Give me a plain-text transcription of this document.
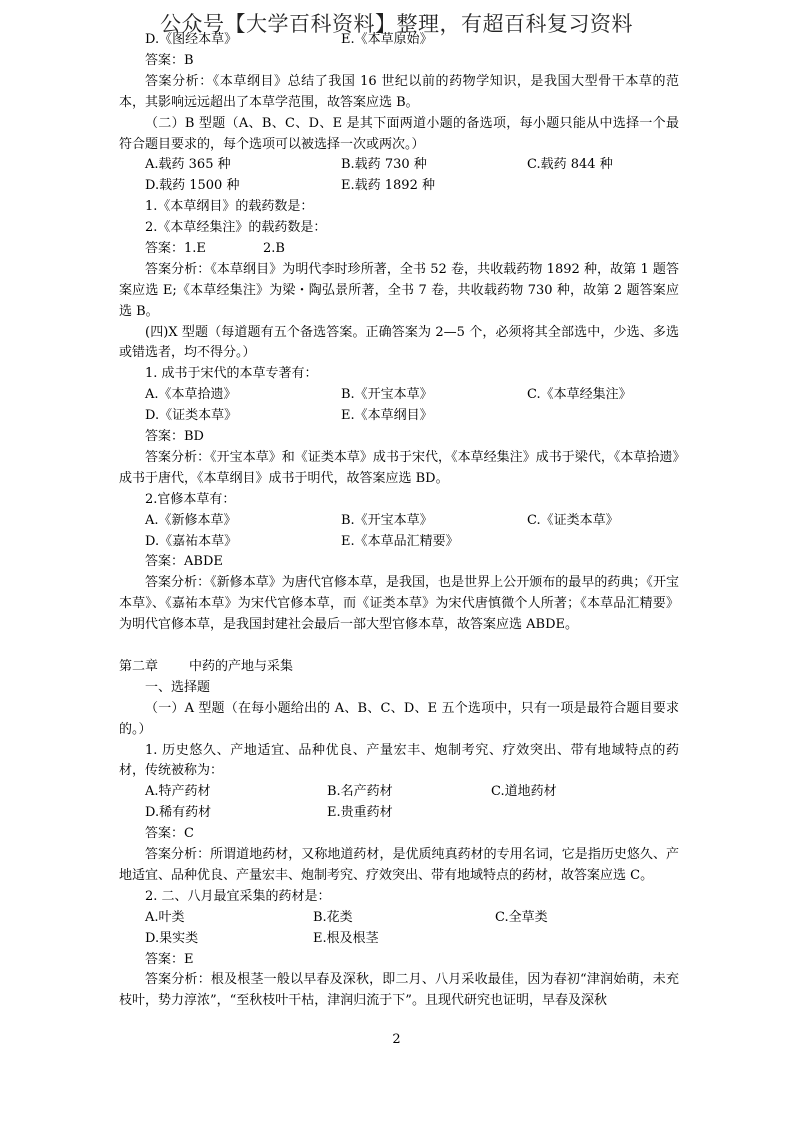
公众号【大学百科资料】整理，有超百科复习资料
D.《图经本草》	E.《本草原始》
答案：B
答案分析：《本草纲目》总结了我国 16 世纪以前的药物学知识，是我国大型骨干本草的范本，其影响远远超出了本草学范围，故答案应选 B。
（二）B 型题（A、B、C、D、E 是其下面两道小题的备选项，每小题只能从中选择一个最符合题目要求的，每个选项可以被选择一次或两次。）
A.载药 365 种	B.载药 730 种	C.载药 844 种
D.载药 1500 种	E.载药 1892 种
1.《本草纲目》的载药数是：
2.《本草经集注》的载药数是：
答案：1.E	2.B
答案分析：《本草纲目》为明代李时珍所著，全书 52 卷，共收载药物 1892 种，故第 1 题答案应选 E;《本草经集注》为梁・陶弘景所著，全书 7 卷，共收载药物 730 种，故第 2 题答案应选 B。
(四)X 型题（每道题有五个备选答案。正确答案为 2—5 个，必须将其全部选中，少选、多选或错选者，均不得分。）
1. 成书于宋代的本草专著有：
A.《本草拾遗》	B.《开宝本草》	C.《本草经集注》
D.《证类本草》	E.《本草纲目》
答案：BD
答案分析：《开宝本草》和《证类本草》成书于宋代，《本草经集注》成书于梁代，《本草拾遗》成书于唐代，《本草纲目》成书于明代，故答案应选 BD。
2.官修本草有：
A.《新修本草》	B.《开宝本草》	C.《证类本草》
D.《嘉祐本草》	E.《本草品汇精要》
答案：ABDE
答案分析：《新修本草》为唐代官修本草，是我国，也是世界上公开颁布的最早的药典；《开宝本草》、《嘉祐本草》为宋代官修本草，而《证类本草》为宋代唐慎微个人所著；《本草品汇精要》为明代官修本草，是我国封建社会最后一部大型官修本草，故答案应选 ABDE。
第二章	中药的产地与采集
一、选择题
（一）A 型题（在每小题给出的 A、B、C、D、E 五个选项中，只有一项是最符合题目要求的。）
1. 历史悠久、产地适宜、品种优良、产量宏丰、炮制考究、疗效突出、带有地域特点的药材，传统被称为：
A.特产药材	B.名产药材	C.道地药材
D.稀有药材	E.贵重药材
答案：C
答案分析：所谓道地药材，又称地道药材，是优质纯真药材的专用名词，它是指历史悠久、产地适宜、品种优良、产量宏丰、炮制考究、疗效突出、带有地域特点的药材，故答案应选 C。
2. 二、八月最宜采集的药材是：
A.叶类	B.花类	C.全草类
D.果实类	E.根及根茎
答案：E
答案分析：根及根茎一般以早春及深秋，即二月、八月采收最佳，因为春初“津润始萌，未充枝叶，势力淳浓”，“至秋枝叶干枯，津润归流于下”。且现代研究也证明，早春及深秋
2
